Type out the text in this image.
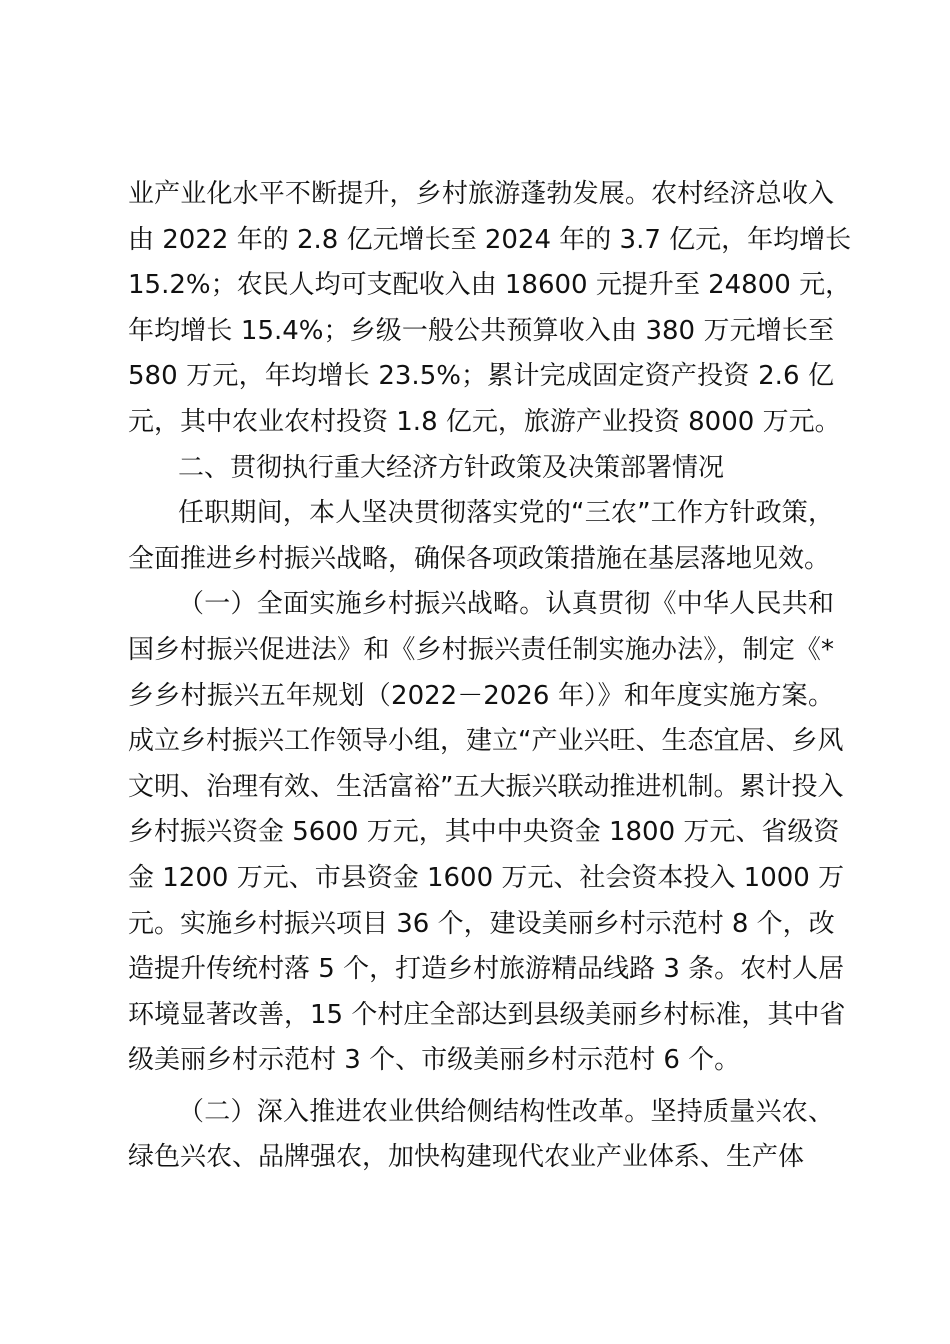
业产业化水平不断提升，乡村旅游蓬勃发展。农村经济总收入
由 2022 年的 2.8 亿元增长至 2024 年的 3.7 亿元，年均增长
15.2%；农民人均可支配收入由 18600 元提升至 24800 元，
年均增长 15.4%；乡级一般公共预算收入由 380 万元增长至
580 万元，年均增长 23.5%；累计完成固定资产投资 2.6 亿
元，其中农业农村投资 1.8 亿元，旅游产业投资 8000 万元。
二、贯彻执行重大经济方针政策及决策部署情况
任职期间，本人坚决贯彻落实党的“三农”工作方针政策，
全面推进乡村振兴战略，确保各项政策措施在基层落地见效。
（一）全面实施乡村振兴战略。认真贯彻《中华人民共和
国乡村振兴促进法》和《乡村振兴责任制实施办法》，制定《*
乡乡村振兴五年规划（2022－2026 年）》和年度实施方案。
成立乡村振兴工作领导小组，建立“产业兴旺、生态宜居、乡风
文明、治理有效、生活富裕”五大振兴联动推进机制。累计投入
乡村振兴资金 5600 万元，其中中央资金 1800 万元、省级资
金 1200 万元、市县资金 1600 万元、社会资本投入 1000 万
元。实施乡村振兴项目 36 个，建设美丽乡村示范村 8 个，改
造提升传统村落 5 个，打造乡村旅游精品线路 3 条。农村人居
环境显著改善，15 个村庄全部达到县级美丽乡村标准，其中省
级美丽乡村示范村 3 个、市级美丽乡村示范村 6 个。
（二）深入推进农业供给侧结构性改革。坚持质量兴农、
绿色兴农、品牌强农，加快构建现代农业产业体系、生产体
